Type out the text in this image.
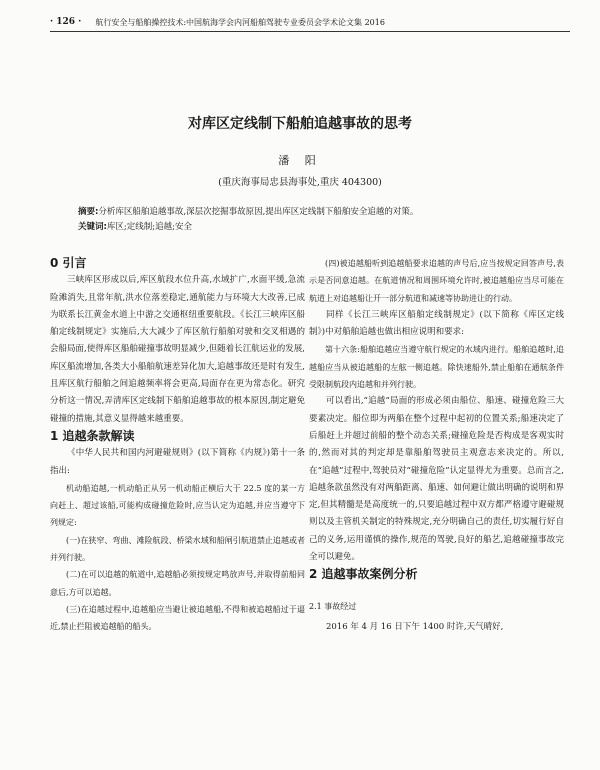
· 126 · 航行安全与船舶操控技术:中国航海学会内河船舶驾驶专业委员会学术论文集 2016
对库区定线制下船舶追越事故的思考
潘 阳
(重庆海事局忠县海事处,重庆 404300)
摘要:分析库区船舶追越事故,深层次挖掘事故原因,提出库区定线制下船舶安全追越的对策。
关键词:库区;定线制;追越;安全

0 引言

三峡库区形成以后,库区航段水位升高,水域扩广,水面平缓,急流险滩消失,且常年航,洪水位落差稳定,通航能力与环境大大改善,已成为联系长江黄金水道上中游之交通枢纽重要航段。《长江三峡库区船舶定线制规定》实施后,大大减少了库区航行船舶对驶和交叉相遇的会船局面,使得库区船舶碰撞事故明显减少,但随着长江航运业的发展,库区船流增加,各类大小船舶航速差异化加大,追越事故还是时有发生,且库区航行船舶之间追越频率将会更高,局面存在更为常态化。研究分析这一情况,弄清库区定线制下船舶追越事故的根本原因,制定避免碰撞的措施,其意义显得越来越重要。

1 追越条款解读

《中华人民共和国内河避碰规则》(以下简称《内规》)第十一条指出:

机动船追越,一机动船正从另一机动船正横后大于 22.5 度的某一方向赶上、超过该船,可能构成碰撞危险时,应当认定为追越,并应当遵守下列规定:

(一)在狭窄、弯曲、滩险航段、桥梁水域和船闸引航道禁止追越或者并列行驶。

(二)在可以追越的航道中,追越船必须按规定鸣放声号,并取得前船同意后,方可以追越。

(三)在追越过程中,追越船应当避让被追越船,不得和被追越船过于逼近,禁止拦阻被追越船的船头。

(四)被追越船听到追越船要求追越的声号后,应当按规定回答声号,表示是否同意追越。在航道情况和周围环境允许时,被追越船应当尽可能在航道上对追越船让开一部分航道和减速等协助进让的行动。

同样《长江三峡库区船舶定线制规定》(以下简称《库区定线制》)中对船舶追越也做出相应说明和要求:

第十六条:船舶追越应当遵守航行规定的水域内进行。船舶追越时,追越船应当从被追越船的左舷一侧追越。除快速船外,禁止船舶在通航条件受限制航段内追越和并列行驶。

可以看出,“追越”局面的形成必须由船位、船速、碰撞危险三大要素决定。船位即为两船在整个过程中起初的位置关系;船速决定了后船赶上并超过前船的整个动态关系;碰撞危险是否构成是客观实时的,然而对其的判定却是靠船舶驾驶员主观意志来决定的。所以,在“追越”过程中,驾驶员对“碰撞危险”认定显得尤为重要。总而言之,追越条款虽然没有对两船距离、船速、如何避让做出明确的说明和界定,但其精髓是是高度统一的,只要追越过程中双方都严格遵守避碰规则以及主管机关制定的特殊规定,充分明确自己的责任,切实履行好自己的义务,运用谨慎的操作,规范的驾驶,良好的船艺,追越碰撞事故完全可以避免。

2 追越事故案例分析

2.1 事故经过

2016 年 4 月 16 日下午 1400 时许,天气晴好,
